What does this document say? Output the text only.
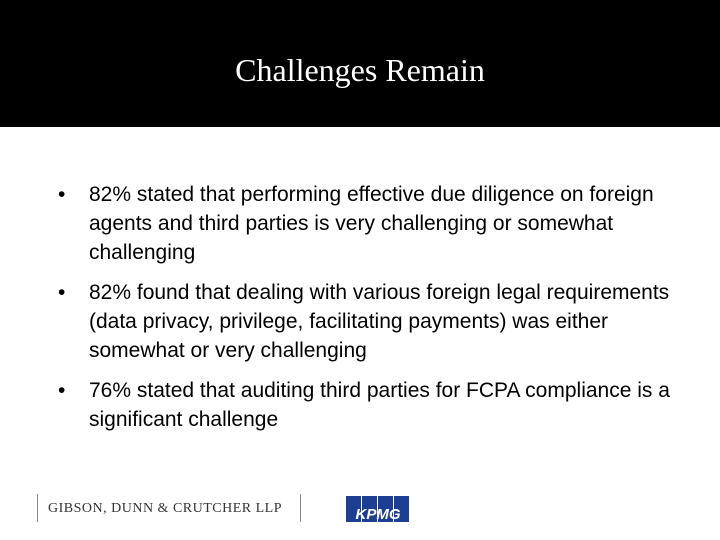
Challenges Remain
• 82% stated that performing effective due diligence on foreign agents and third parties is very challenging or somewhat challenging
• 82% found that dealing with various foreign legal requirements (data privacy, privilege, facilitating payments) was either somewhat or very challenging
• 76% stated that auditing third parties for FCPA compliance is a significant challenge
GIBSON, DUNN & CRUTCHER LLP	KPMG
